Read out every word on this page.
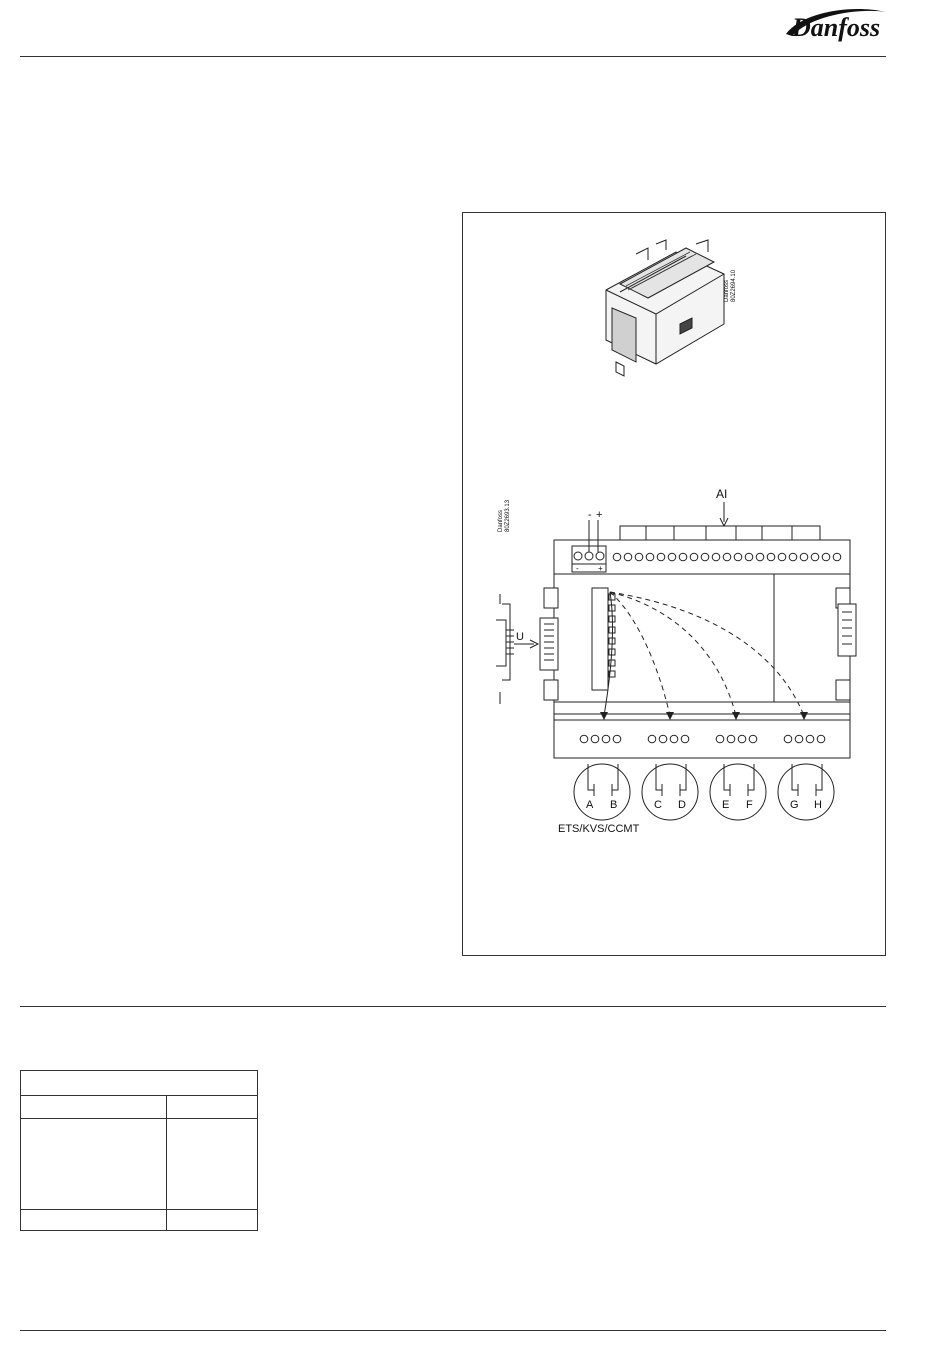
Danfoss
Danfoss 80Z2694.10
Danfoss 80Z2693.13
AI
- +
- +
U
A B	C D	E F	G H
ETS/KVS/CCMT
